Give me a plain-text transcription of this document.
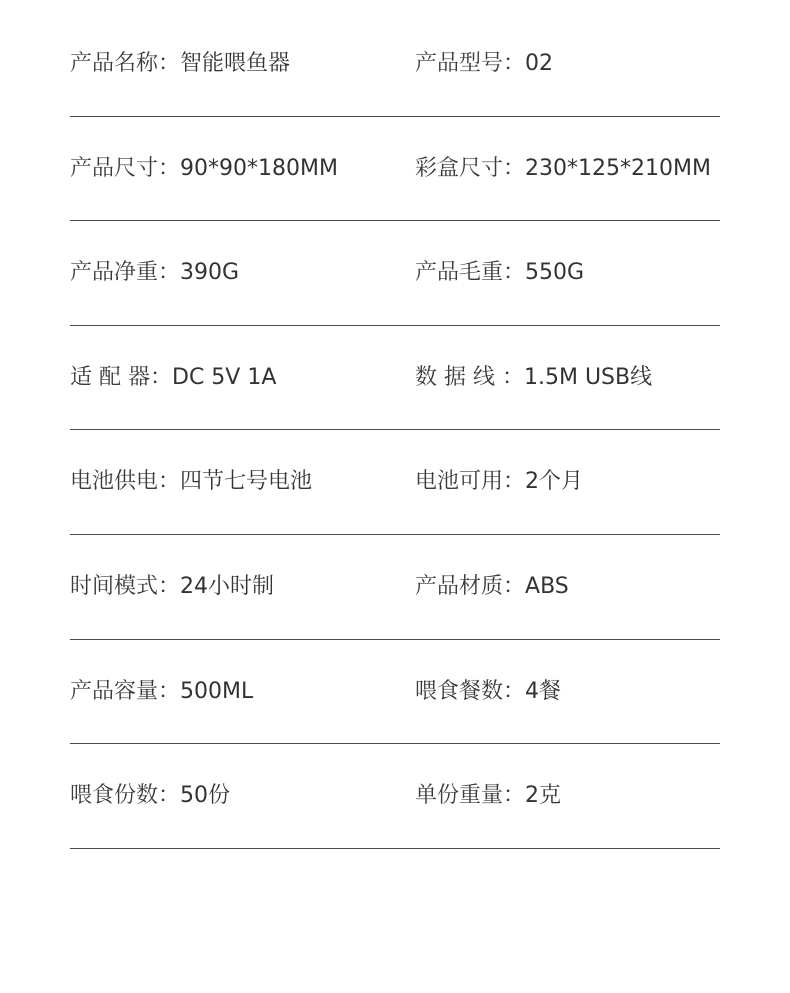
产品名称：智能喂鱼器	产品型号：02
产品尺寸：90*90*180MM	彩盒尺寸：230*125*210MM
产品净重：390G	产品毛重：550G
适 配 器：DC 5V 1A	数 据 线 ：1.5M USB线
电池供电：四节七号电池	电池可用：2个月
时间模式：24小时制	产品材质：ABS
产品容量：500ML	喂食餐数：4餐
喂食份数：50份	单份重量：2克
